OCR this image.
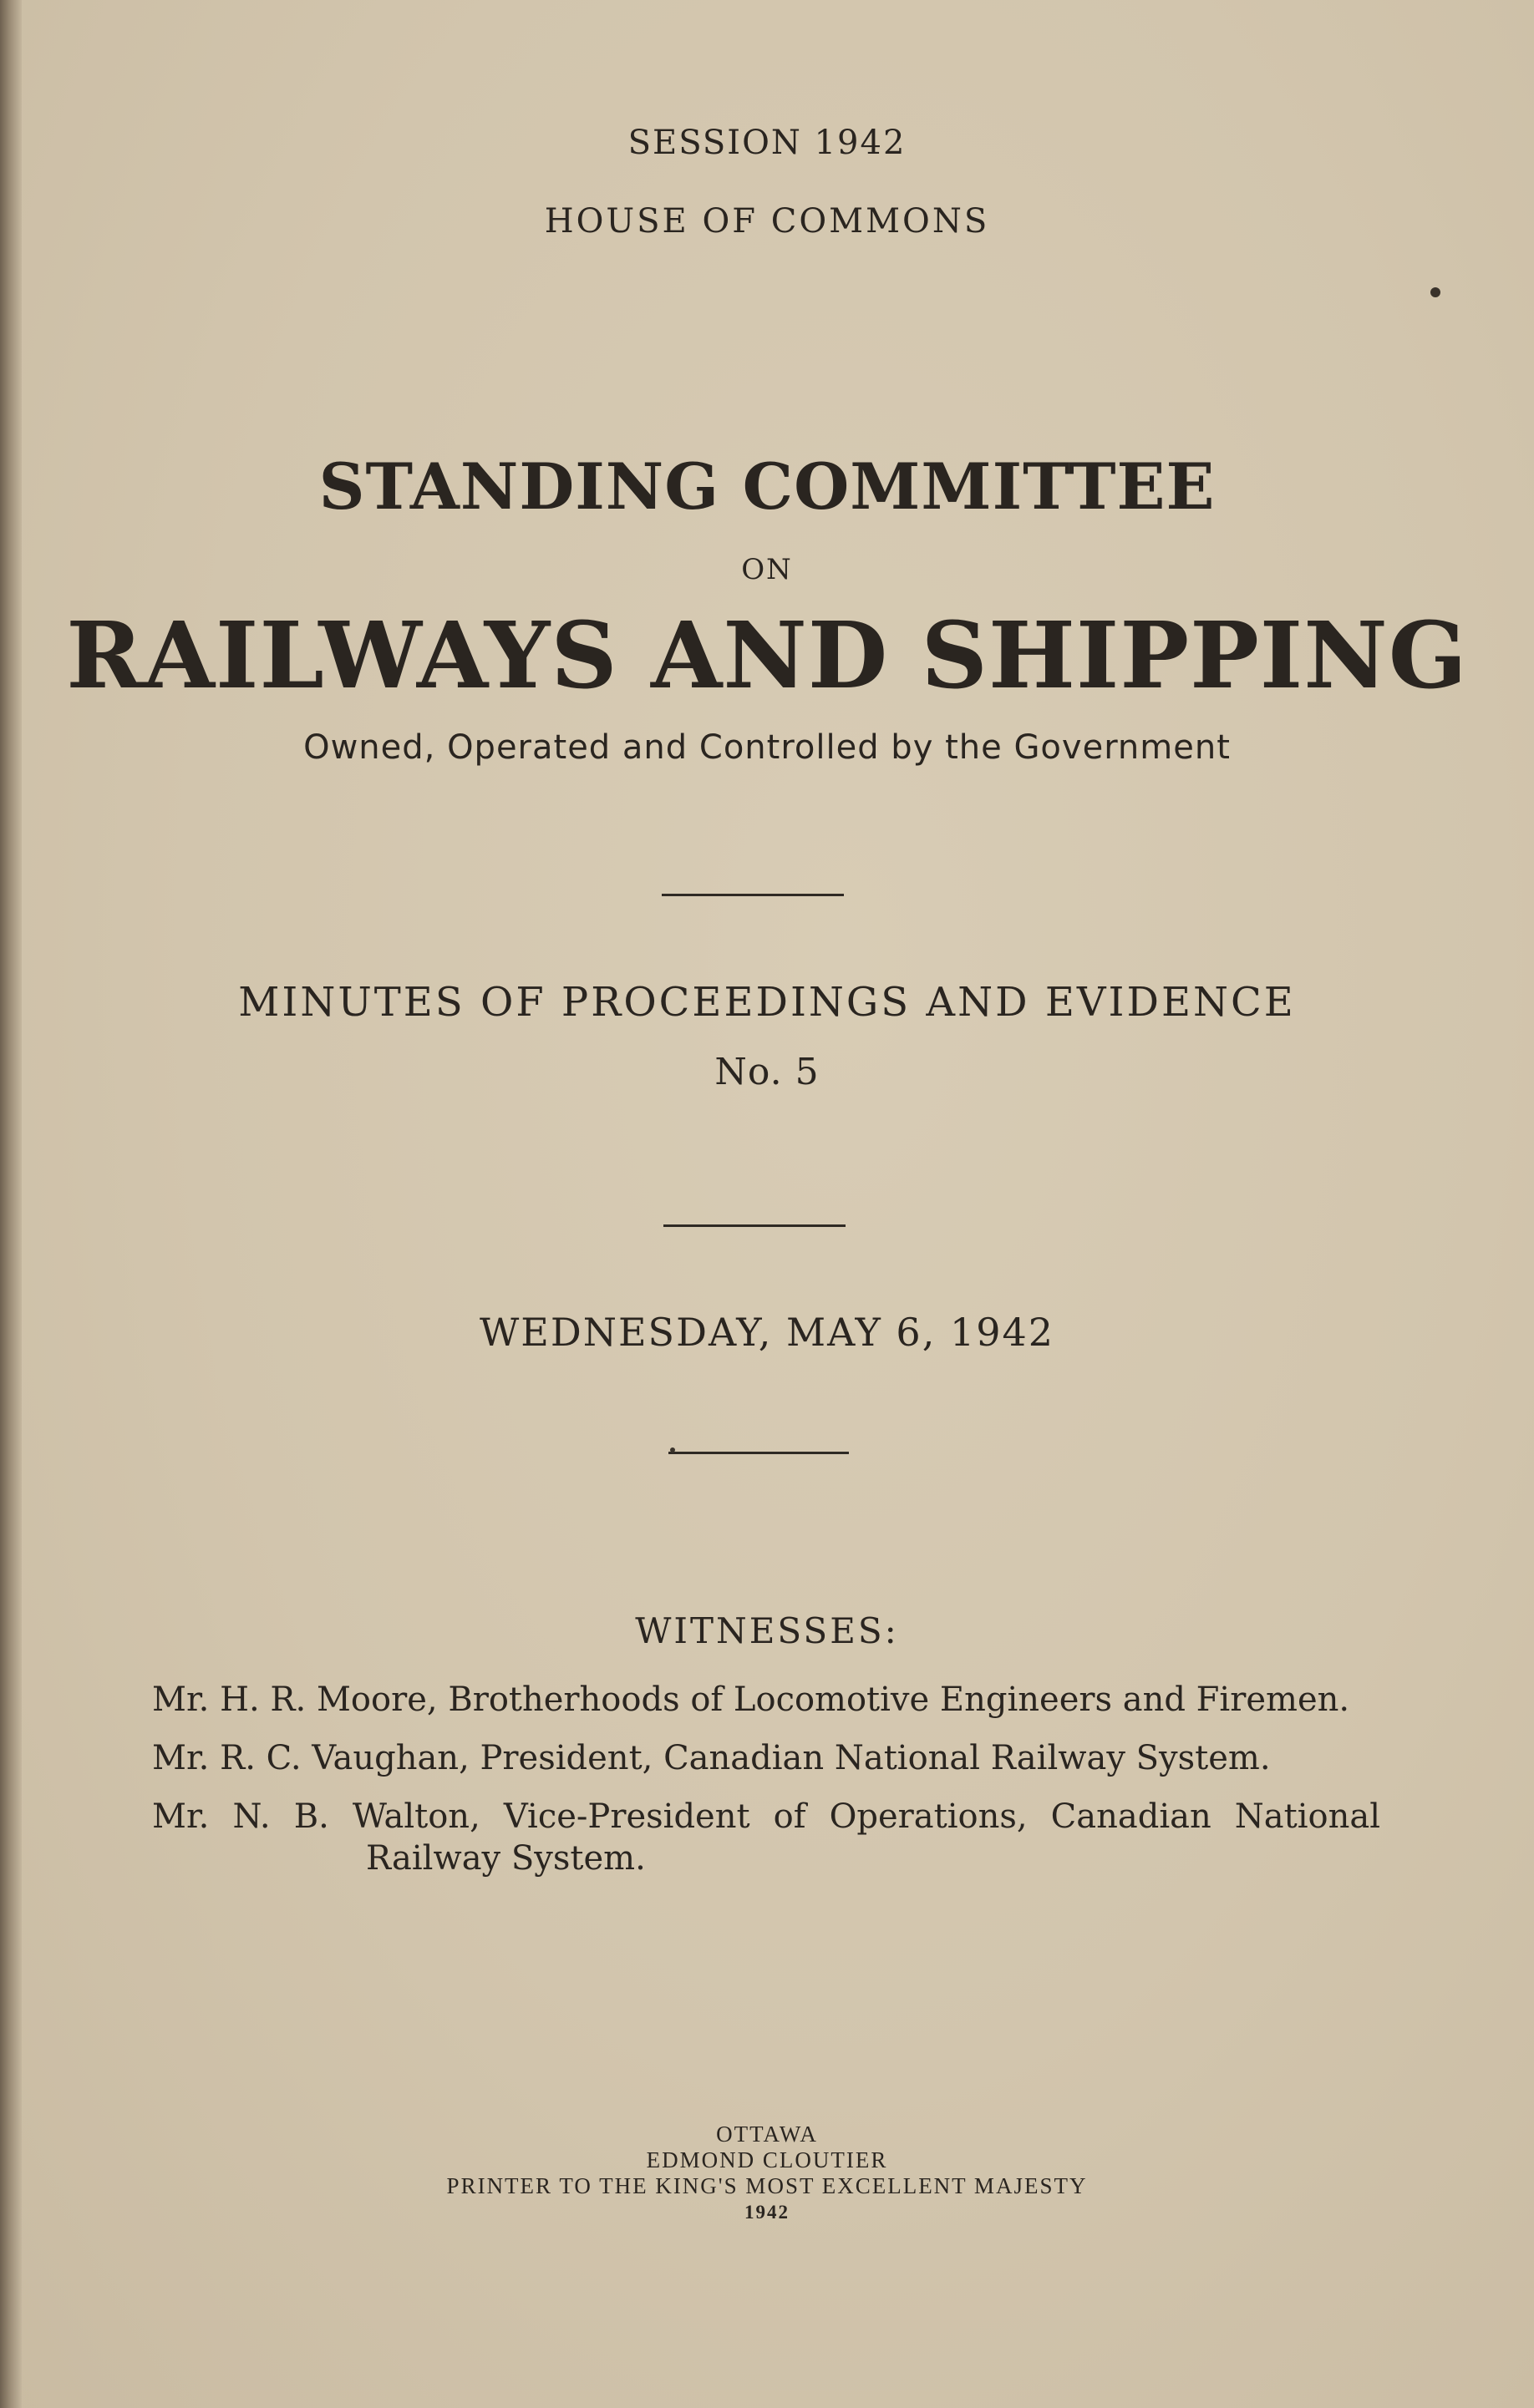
SESSION 1942
HOUSE OF COMMONS
STANDING COMMITTEE
ON
RAILWAYS AND SHIPPING
Owned, Operated and Controlled by the Government
MINUTES OF PROCEEDINGS AND EVIDENCE
No. 5
WEDNESDAY, MAY 6, 1942
WITNESSES:
Mr. H. R. Moore, Brotherhoods of Locomotive Engineers and Firemen.
Mr. R. C. Vaughan, President, Canadian National Railway System.
Mr. N. B. Walton, Vice-President of Operations, Canadian National Railway System.
OTTAWA
EDMOND CLOUTIER
PRINTER TO THE KING'S MOST EXCELLENT MAJESTY
1942
